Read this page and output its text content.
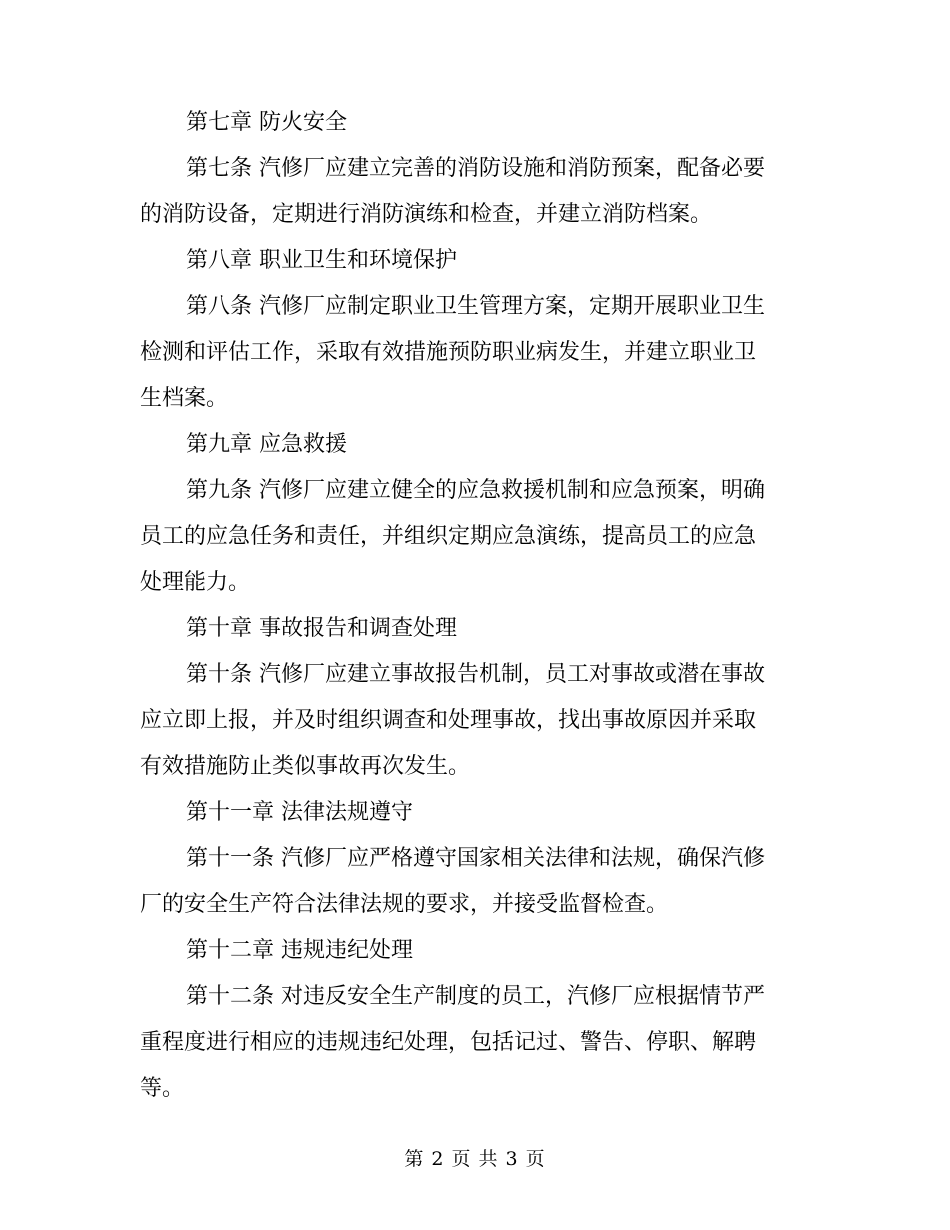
第七章 防火安全

第七条 汽修厂应建立完善的消防设施和消防预案，配备必要

的消防设备，定期进行消防演练和检查，并建立消防档案。

第八章 职业卫生和环境保护

第八条 汽修厂应制定职业卫生管理方案，定期开展职业卫生

检测和评估工作，采取有效措施预防职业病发生，并建立职业卫

生档案。

第九章 应急救援

第九条 汽修厂应建立健全的应急救援机制和应急预案，明确

员工的应急任务和责任，并组织定期应急演练，提高员工的应急

处理能力。

第十章 事故报告和调查处理

第十条 汽修厂应建立事故报告机制，员工对事故或潜在事故

应立即上报，并及时组织调查和处理事故，找出事故原因并采取

有效措施防止类似事故再次发生。

第十一章 法律法规遵守

第十一条 汽修厂应严格遵守国家相关法律和法规，确保汽修

厂的安全生产符合法律法规的要求，并接受监督检查。

第十二章 违规违纪处理

第十二条 对违反安全生产制度的员工，汽修厂应根据情节严

重程度进行相应的违规违纪处理，包括记过、警告、停职、解聘

等。

第 2 页 共 3 页
